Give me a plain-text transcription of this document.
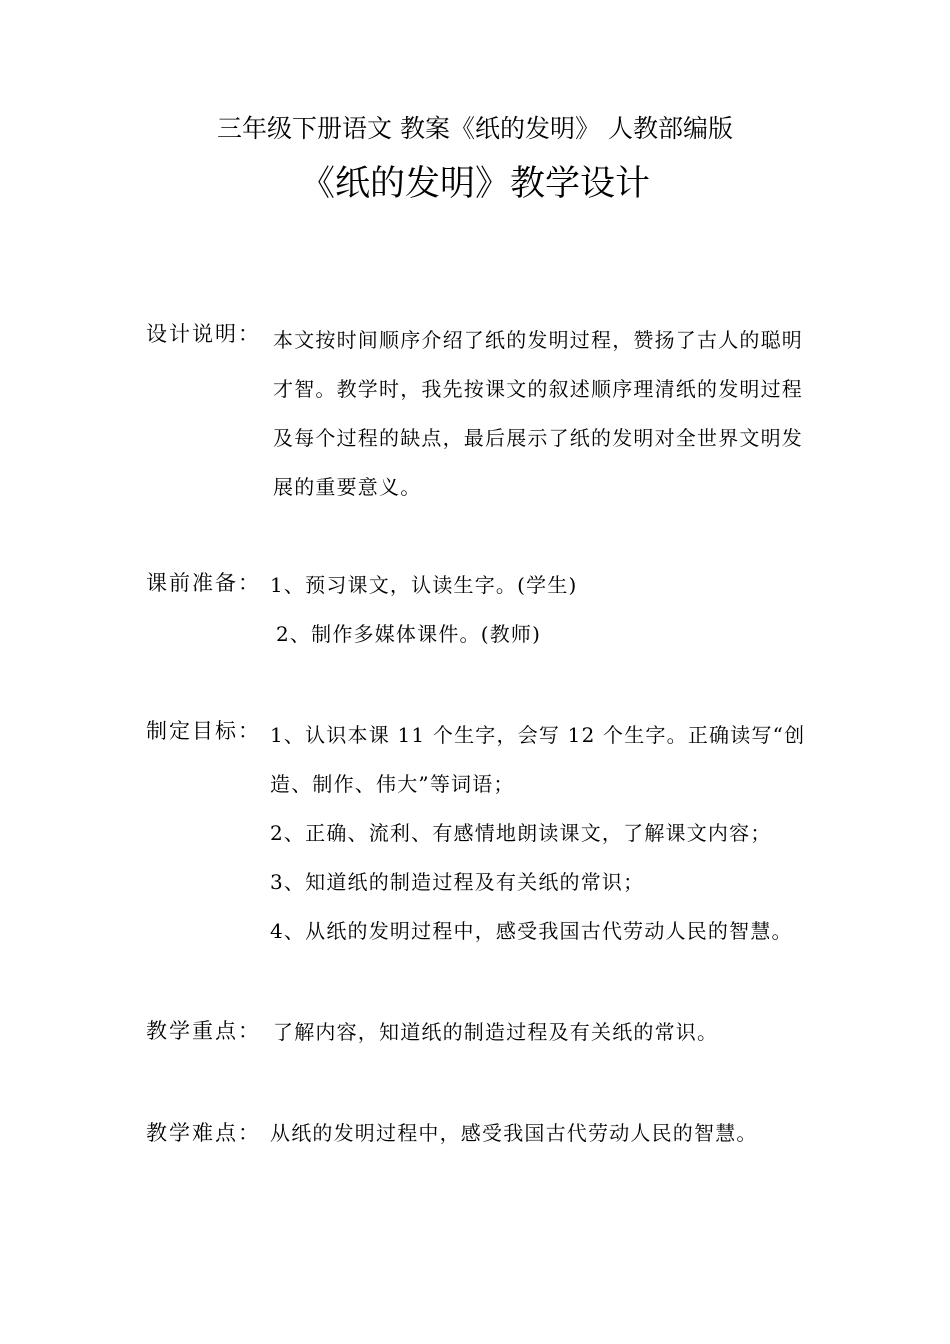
三年级下册语文 教案《纸的发明》 人教部编版
《纸的发明》教学设计
设计说明： 本文按时间顺序介绍了纸的发明过程，赞扬了古人的聪明才智。教学时，我先按课文的叙述顺序理清纸的发明过程及每个过程的缺点，最后展示了纸的发明对全世界文明发展的重要意义。
课前准备： 1、预习课文，认读生字。(学生)
2、制作多媒体课件。(教师)
制定目标： 1、认识本课 11 个生字，会写 12 个生字。正确读写“创造、制作、伟大”等词语；
2、正确、流利、有感情地朗读课文，了解课文内容；
3、知道纸的制造过程及有关纸的常识；
4、从纸的发明过程中，感受我国古代劳动人民的智慧。
教学重点： 了解内容，知道纸的制造过程及有关纸的常识。
教学难点： 从纸的发明过程中，感受我国古代劳动人民的智慧。
